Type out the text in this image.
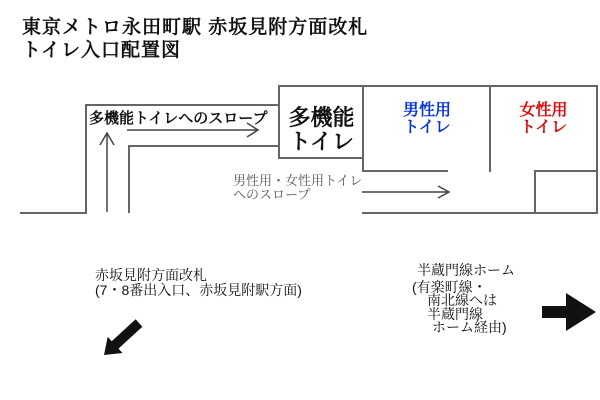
東京メトロ永田町駅 赤坂見附方面改札
トイレ入口配置図
多機能トイレへのスロープ 多機能
トイレ
男性用
トイレ
女性用
トイレ
男性用・女性用トイレ
へのスロープ
赤坂見附方面改札
(7・8番出入口、赤坂見附駅方面)
半蔵門線ホーム
(有楽町線・
南北線へは
半蔵門線
ホーム経由)
